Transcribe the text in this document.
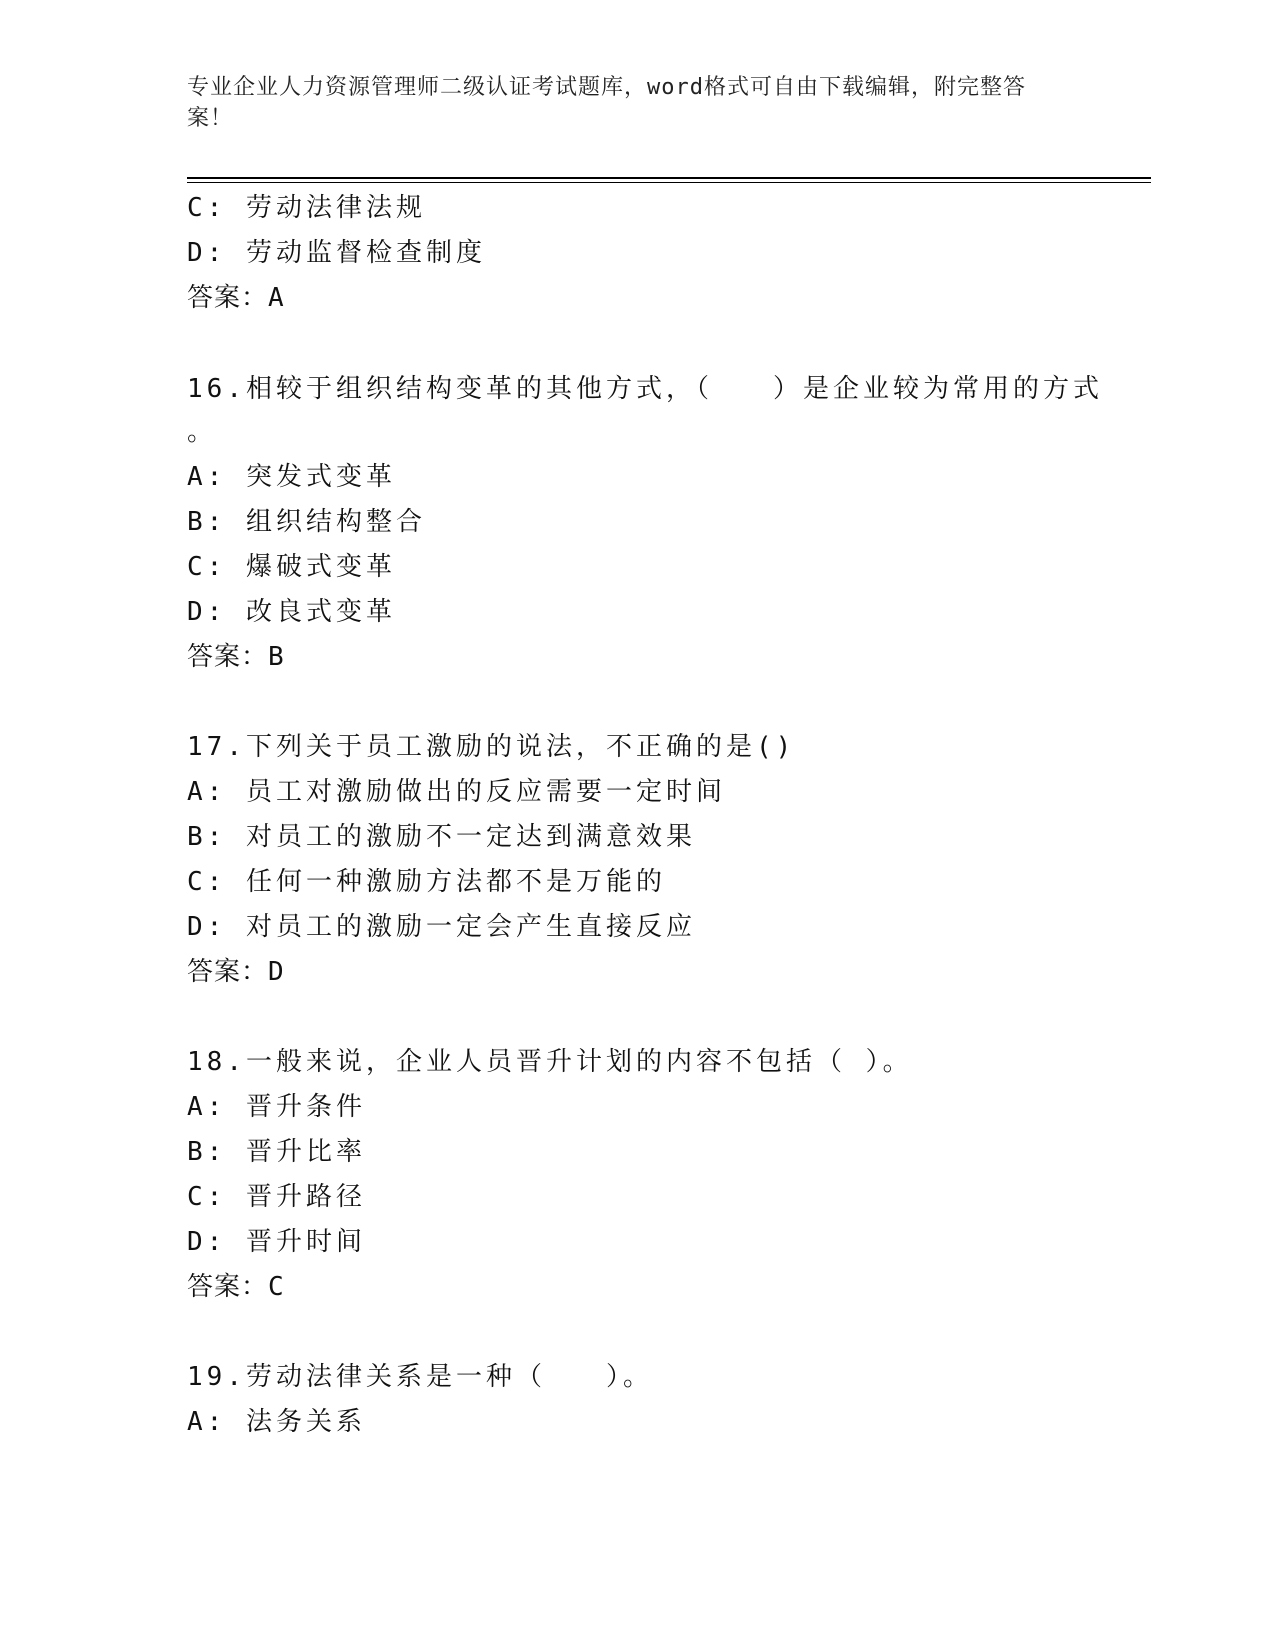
专业企业人力资源管理师二级认证考试题库，word格式可自由下载编辑，附完整答案！
C: 劳动法律法规
D: 劳动监督检查制度
答案：A
16.相较于组织结构变革的其他方式，（　　）是企业较为常用的方式
。
A: 突发式变革
B: 组织结构整合
C: 爆破式变革
D: 改良式变革
答案：B
17.下列关于员工激励的说法，不正确的是()
A: 员工对激励做出的反应需要一定时间
B: 对员工的激励不一定达到满意效果
C: 任何一种激励方法都不是万能的
D: 对员工的激励一定会产生直接反应
答案：D
18.一般来说，企业人员晋升计划的内容不包括（ ）。
A: 晋升条件
B: 晋升比率
C: 晋升路径
D: 晋升时间
答案：C
19.劳动法律关系是一种（　　）。
A: 法务关系
